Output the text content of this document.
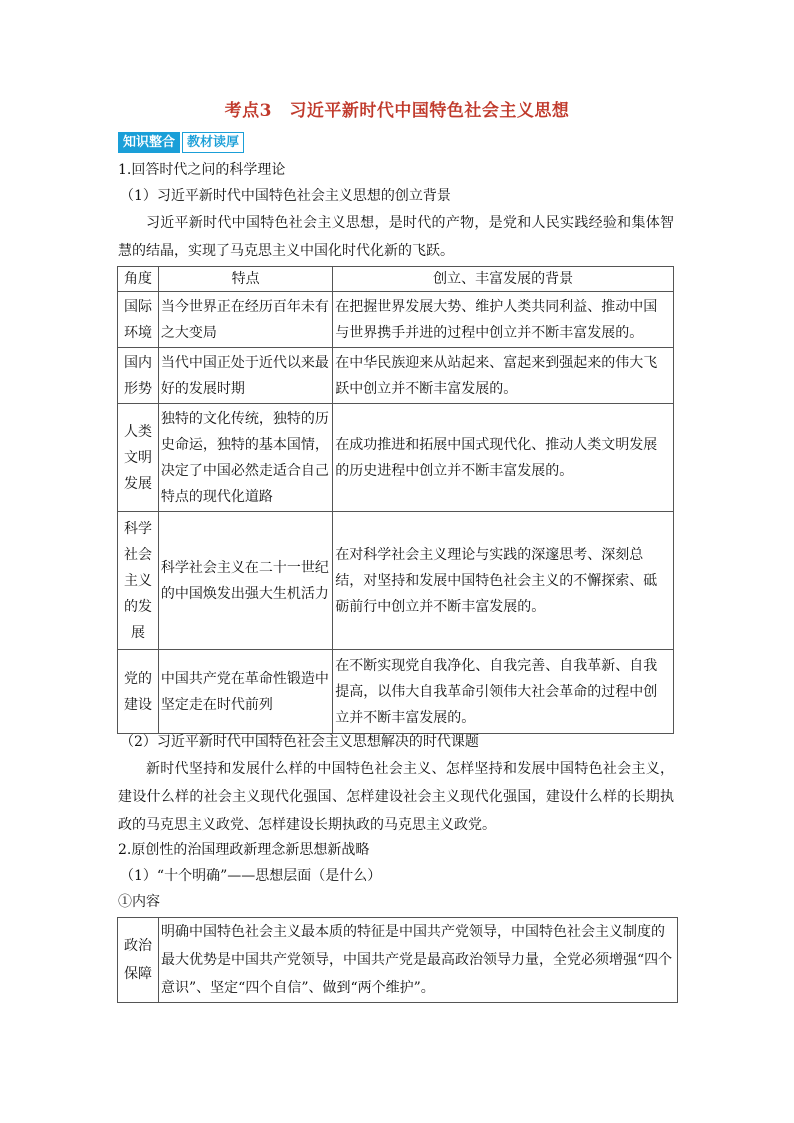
考点3　习近平新时代中国特色社会主义思想
知识整合 教材读厚
1.回答时代之问的科学理论
（1）习近平新时代中国特色社会主义思想的创立背景
习近平新时代中国特色社会主义思想，是时代的产物，是党和人民实践经验和集体智慧的结晶，实现了马克思主义中国化时代化新的飞跃。
角度	特点	创立、丰富发展的背景
国际环境	当今世界正在经历百年未有之大变局	在把握世界发展大势、维护人类共同利益、推动中国与世界携手并进的过程中创立并不断丰富发展的。
国内形势	当代中国正处于近代以来最好的发展时期	在中华民族迎来从站起来、富起来到强起来的伟大飞跃中创立并不断丰富发展的。
人类文明发展	独特的文化传统，独特的历史命运，独特的基本国情，决定了中国必然走适合自己特点的现代化道路	在成功推进和拓展中国式现代化、推动人类文明发展的历史进程中创立并不断丰富发展的。
科学社会主义的发展	科学社会主义在二十一世纪的中国焕发出强大生机活力	在对科学社会主义理论与实践的深邃思考、深刻总结，对坚持和发展中国特色社会主义的不懈探索、砥砺前行中创立并不断丰富发展的。
党的建设	中国共产党在革命性锻造中坚定走在时代前列	在不断实现党自我净化、自我完善、自我革新、自我提高，以伟大自我革命引领伟大社会革命的过程中创立并不断丰富发展的。
（2）习近平新时代中国特色社会主义思想解决的时代课题
新时代坚持和发展什么样的中国特色社会主义、怎样坚持和发展中国特色社会主义，建设什么样的社会主义现代化强国、怎样建设社会主义现代化强国，建设什么样的长期执政的马克思主义政党、怎样建设长期执政的马克思主义政党。
2.原创性的治国理政新理念新思想新战略
（1）“十个明确”——思想层面（是什么）
①内容
政治保障	明确中国特色社会主义最本质的特征是中国共产党领导，中国特色社会主义制度的最大优势是中国共产党领导，中国共产党是最高政治领导力量，全党必须增强“四个意识”、坚定“四个自信”、做到“两个维护”。
